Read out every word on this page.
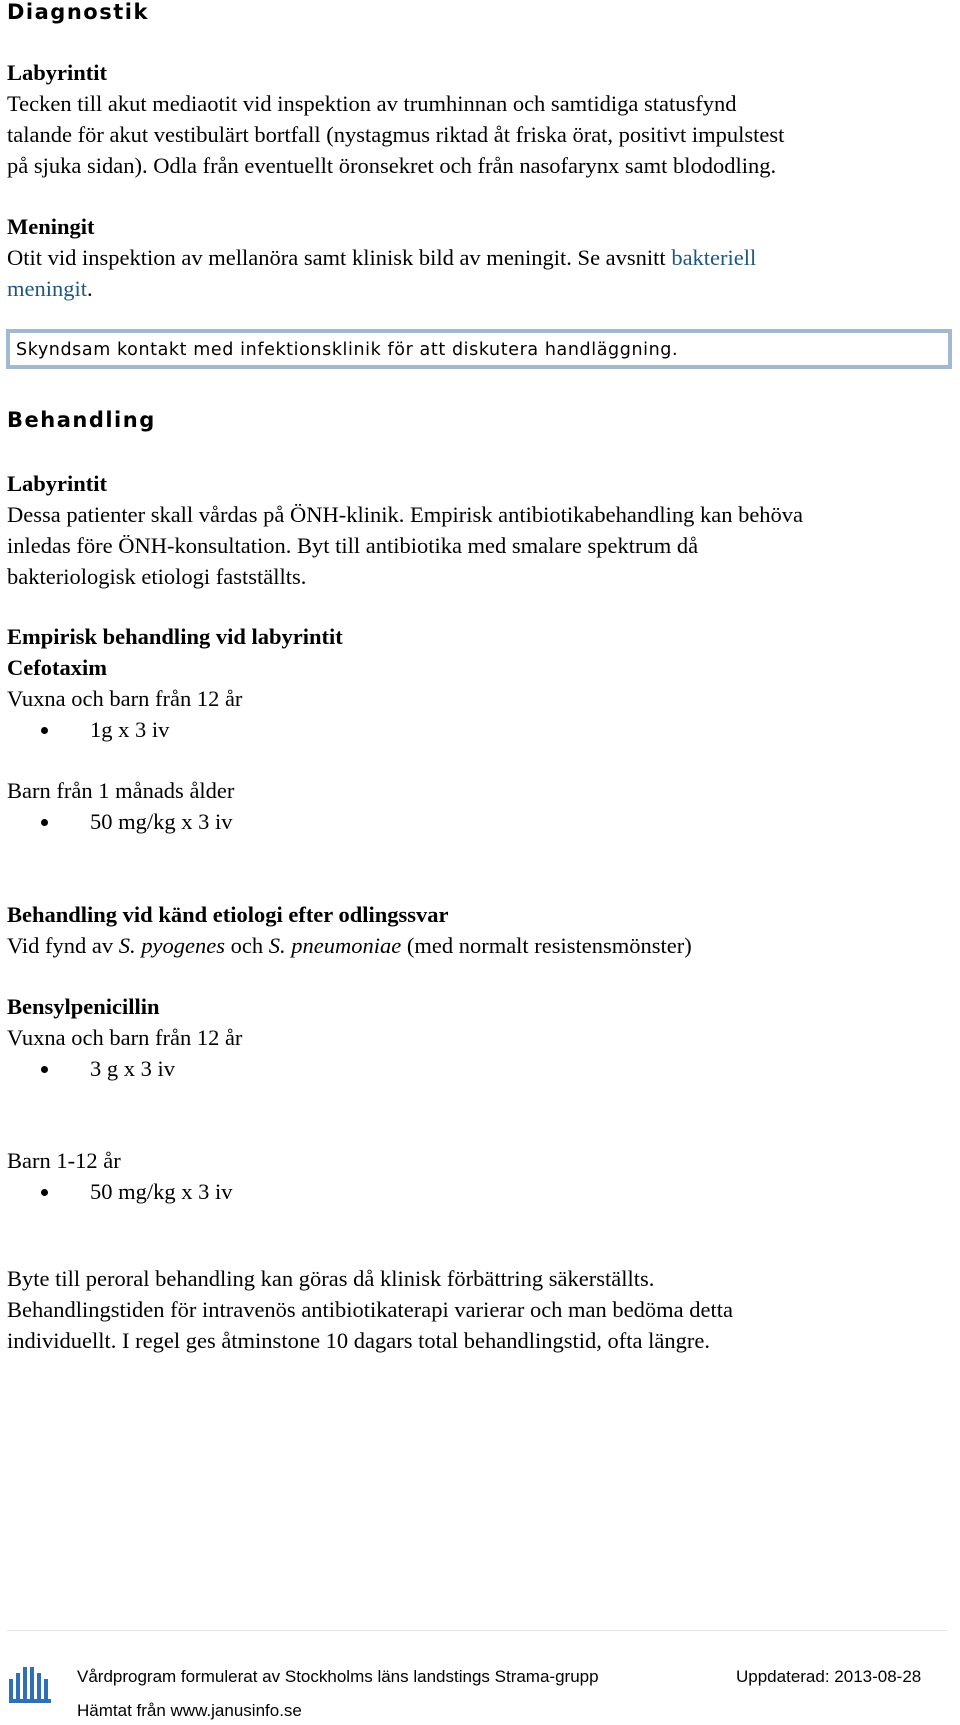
Diagnostik
Labyrintit
Tecken till akut mediaotit vid inspektion av trumhinnan och samtidiga statusfynd
talande för akut vestibulärt bortfall (nystagmus riktad åt friska örat, positivt impulstest
på sjuka sidan). Odla från eventuellt öronsekret och från nasofarynx samt blododling.
Meningit
Otit vid inspektion av mellanöra samt klinisk bild av meningit. Se avsnitt bakteriell
meningit.
Skyndsam kontakt med infektionsklinik för att diskutera handläggning.
Behandling
Labyrintit
Dessa patienter skall vårdas på ÖNH-klinik. Empirisk antibiotikabehandling kan behöva
inledas före ÖNH-konsultation. Byt till antibiotika med smalare spektrum då
bakteriologisk etiologi fastställts.
Empirisk behandling vid labyrintit
Cefotaxim
Vuxna och barn från 12 år
1g x 3 iv
Barn från 1 månads ålder
50 mg/kg x 3 iv
Behandling vid känd etiologi efter odlingssvar
Vid fynd av S. pyogenes och S. pneumoniae (med normalt resistensmönster)
Bensylpenicillin
Vuxna och barn från 12 år
3 g x 3 iv
Barn 1-12 år
50 mg/kg x 3 iv
Byte till peroral behandling kan göras då klinisk förbättring säkerställts.
Behandlingstiden för intravenös antibiotikaterapi varierar och man bedöma detta
individuellt. I regel ges åtminstone 10 dagars total behandlingstid, ofta längre.
Vårdprogram formulerat av Stockholms läns landstings Strama-grupp	Uppdaterad: 2013-08-28
Hämtat från www.janusinfo.se
